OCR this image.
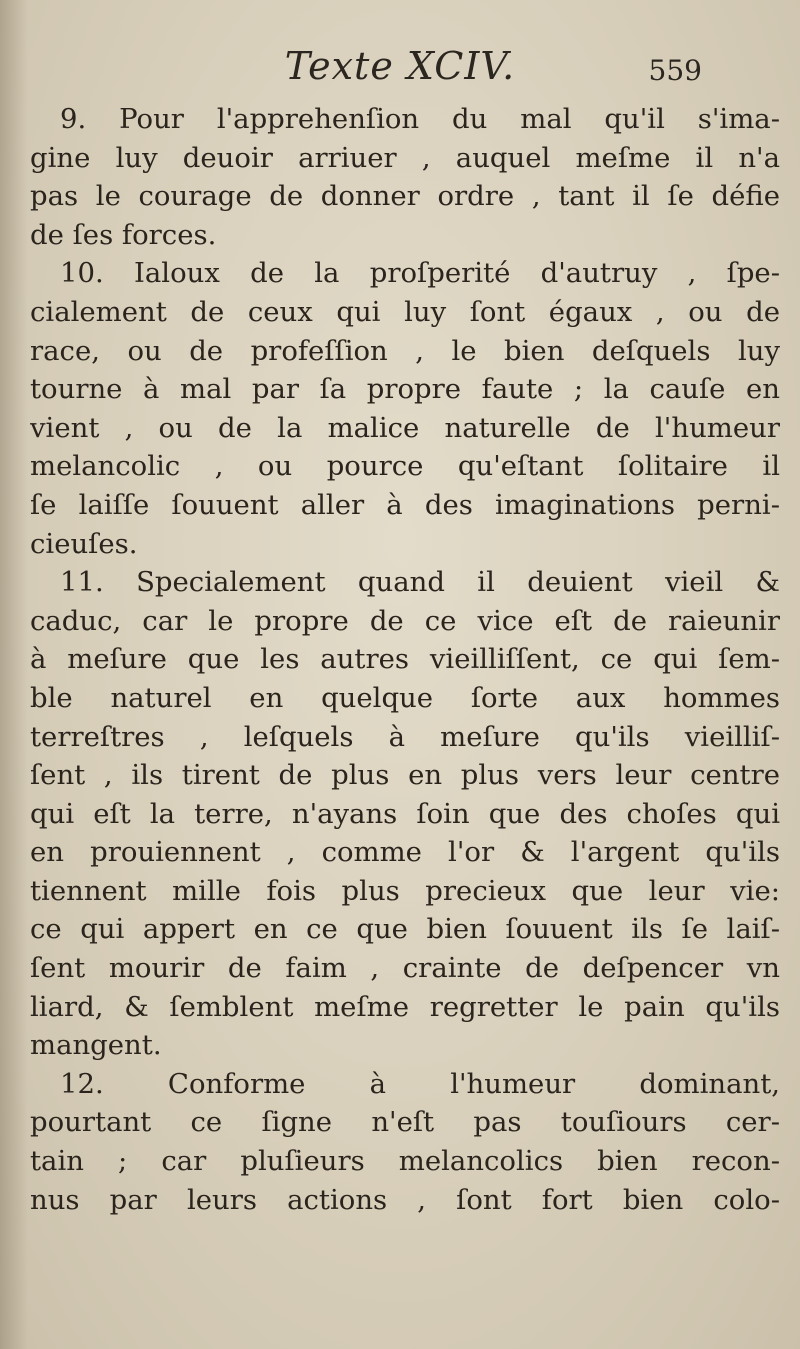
Texte XCIV.	559
9. Pour l'apprehenſion du mal qu'il s'ima-
gine luy deuoir arriuer , auquel meſme il n'a
pas le courage de donner ordre , tant il ſe défie
de ſes forces.
10. Ialoux de la proſperité d'autruy , ſpe-
cialement de ceux qui luy ſont égaux , ou de
race, ou de profeſſion , le bien deſquels luy
tourne à mal par ſa propre faute ; la cauſe en
vient , ou de la malice naturelle de l'humeur
melancolic , ou pource qu'eſtant ſolitaire il
ſe laiſſe ſouuent aller à des imaginations perni-
cieuſes.
11. Specialement quand il deuient vieil &
caduc, car le propre de ce vice eſt de raieunir
à meſure que les autres vieilliſſent, ce qui ſem-
ble naturel en quelque ſorte aux hommes
terreſtres , leſquels à meſure qu'ils vieilliſ-
ſent , ils tirent de plus en plus vers leur centre
qui eſt la terre, n'ayans ſoin que des choſes qui
en prouiennent , comme l'or & l'argent qu'ils
tiennent mille fois plus precieux que leur vie:
ce qui appert en ce que bien ſouuent ils ſe laiſ-
ſent mourir de faim , crainte de deſpencer vn
liard, & ſemblent meſme regretter le pain qu'ils
mangent.
12. Conforme à l'humeur dominant,
pourtant ce ſigne n'eſt pas touſiours cer-
tain ; car pluſieurs melancolics bien recon-
nus par leurs actions , ſont fort bien colo-
